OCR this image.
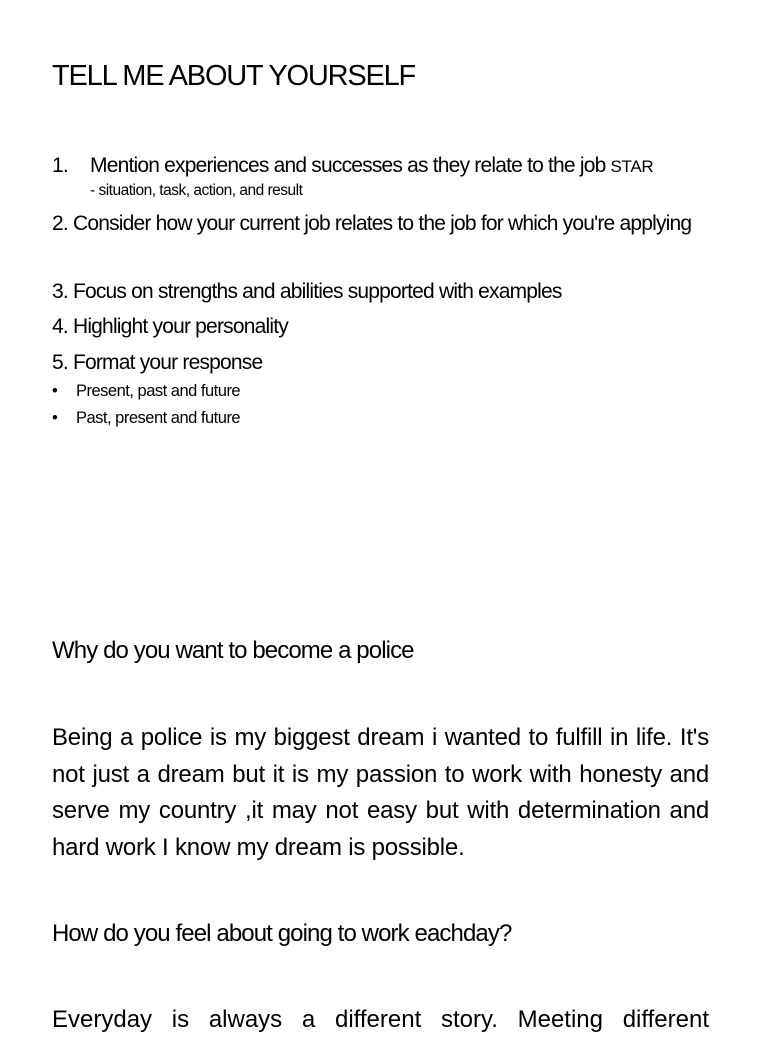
TELL ME ABOUT YOURSELF
1. Mention experiences and successes as they relate to the job STAR
- situation, task, action, and result
2. Consider how your current job relates to the job for which you're applying
3. Focus on strengths and abilities supported with examples
4. Highlight your personality
5. Format your response
• Present, past and future
• Past, present and future
Why do you want to become a police
Being a police is my biggest dream i wanted to fulfill in life. It's not just a dream but it is my passion to work with honesty and serve my country ,it may not easy but with determination and hard work I know my dream is possible.
How do you feel about going to work eachday?
Everyday is always a different story. Meeting different
